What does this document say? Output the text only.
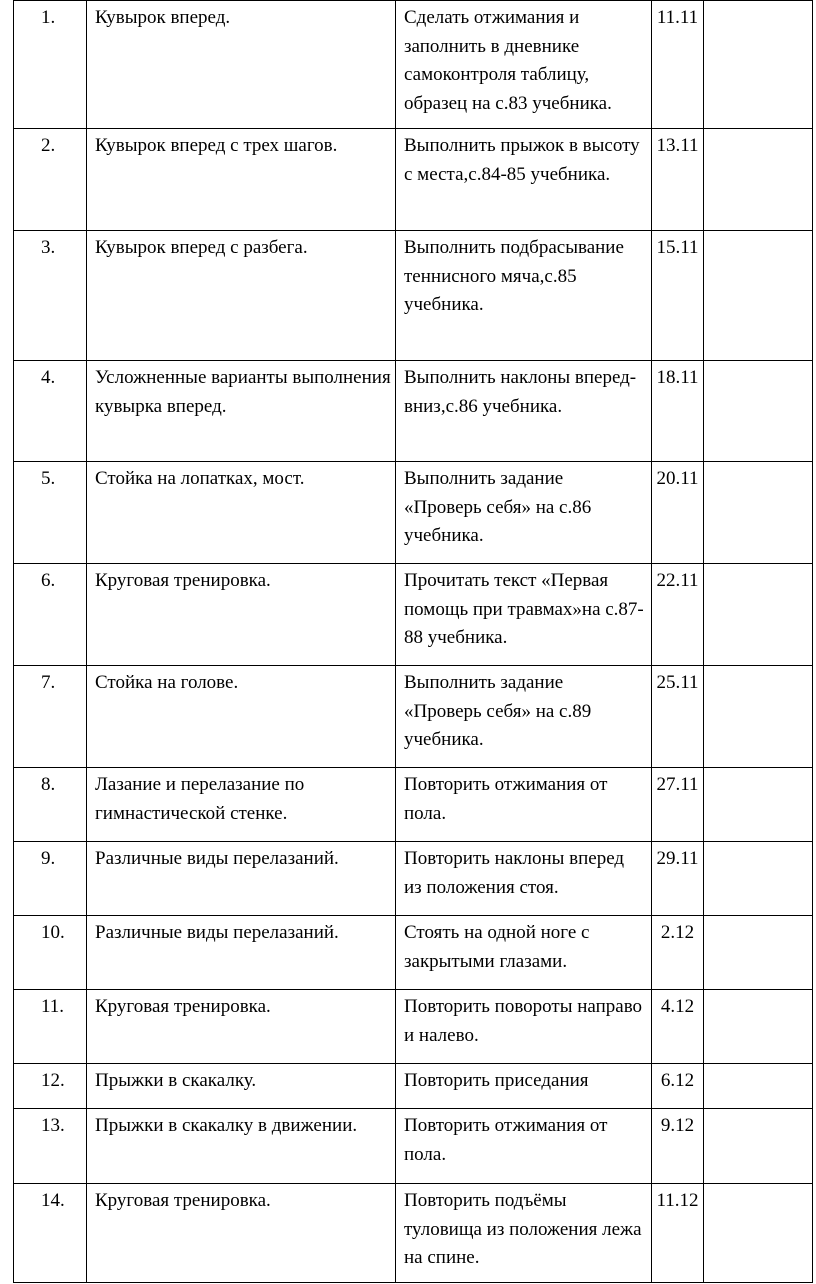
1.	Кувырок вперед.	Сделать отжимания и заполнить в дневнике самоконтроля таблицу, образец на с.83 учебника.	11.11	

2.	Кувырок вперед с трех шагов.	Выполнить прыжок в высоту с места,с.84-85 учебника.	13.11	

3.	Кувырок вперед с разбега.	Выполнить подбрасывание теннисного мяча,с.85 учебника.	15.11	

4.	Усложненные варианты выполнения кувырка вперед.	Выполнить наклоны вперед-вниз,с.86 учебника.	18.11	

5.	Стойка на лопатках, мост.	Выполнить задание «Проверь себя» на с.86 учебника.	20.11	

6.	Круговая тренировка.	Прочитать текст «Первая помощь при травмах»на с.87-88 учебника.	22.11	

7.	Стойка на голове.	Выполнить задание «Проверь себя» на с.89 учебника.	25.11	

8.	Лазание и перелазание по гимнастической стенке.	Повторить отжимания от пола.	27.11	

9.	Различные виды перелазаний.	Повторить наклоны вперед из положения стоя.	29.11	

10.	Различные виды перелазаний.	Стоять на одной ноге с закрытыми глазами.	2.12	

11.	Круговая тренировка.	Повторить повороты направо и налево.	4.12	

12.	Прыжки в скакалку.	Повторить приседания	6.12	

13.	Прыжки в скакалку в движении.	Повторить отжимания от пола.	9.12	

14.	Круговая тренировка.	Повторить подъёмы туловища из положения лежа на спине.	11.12	
